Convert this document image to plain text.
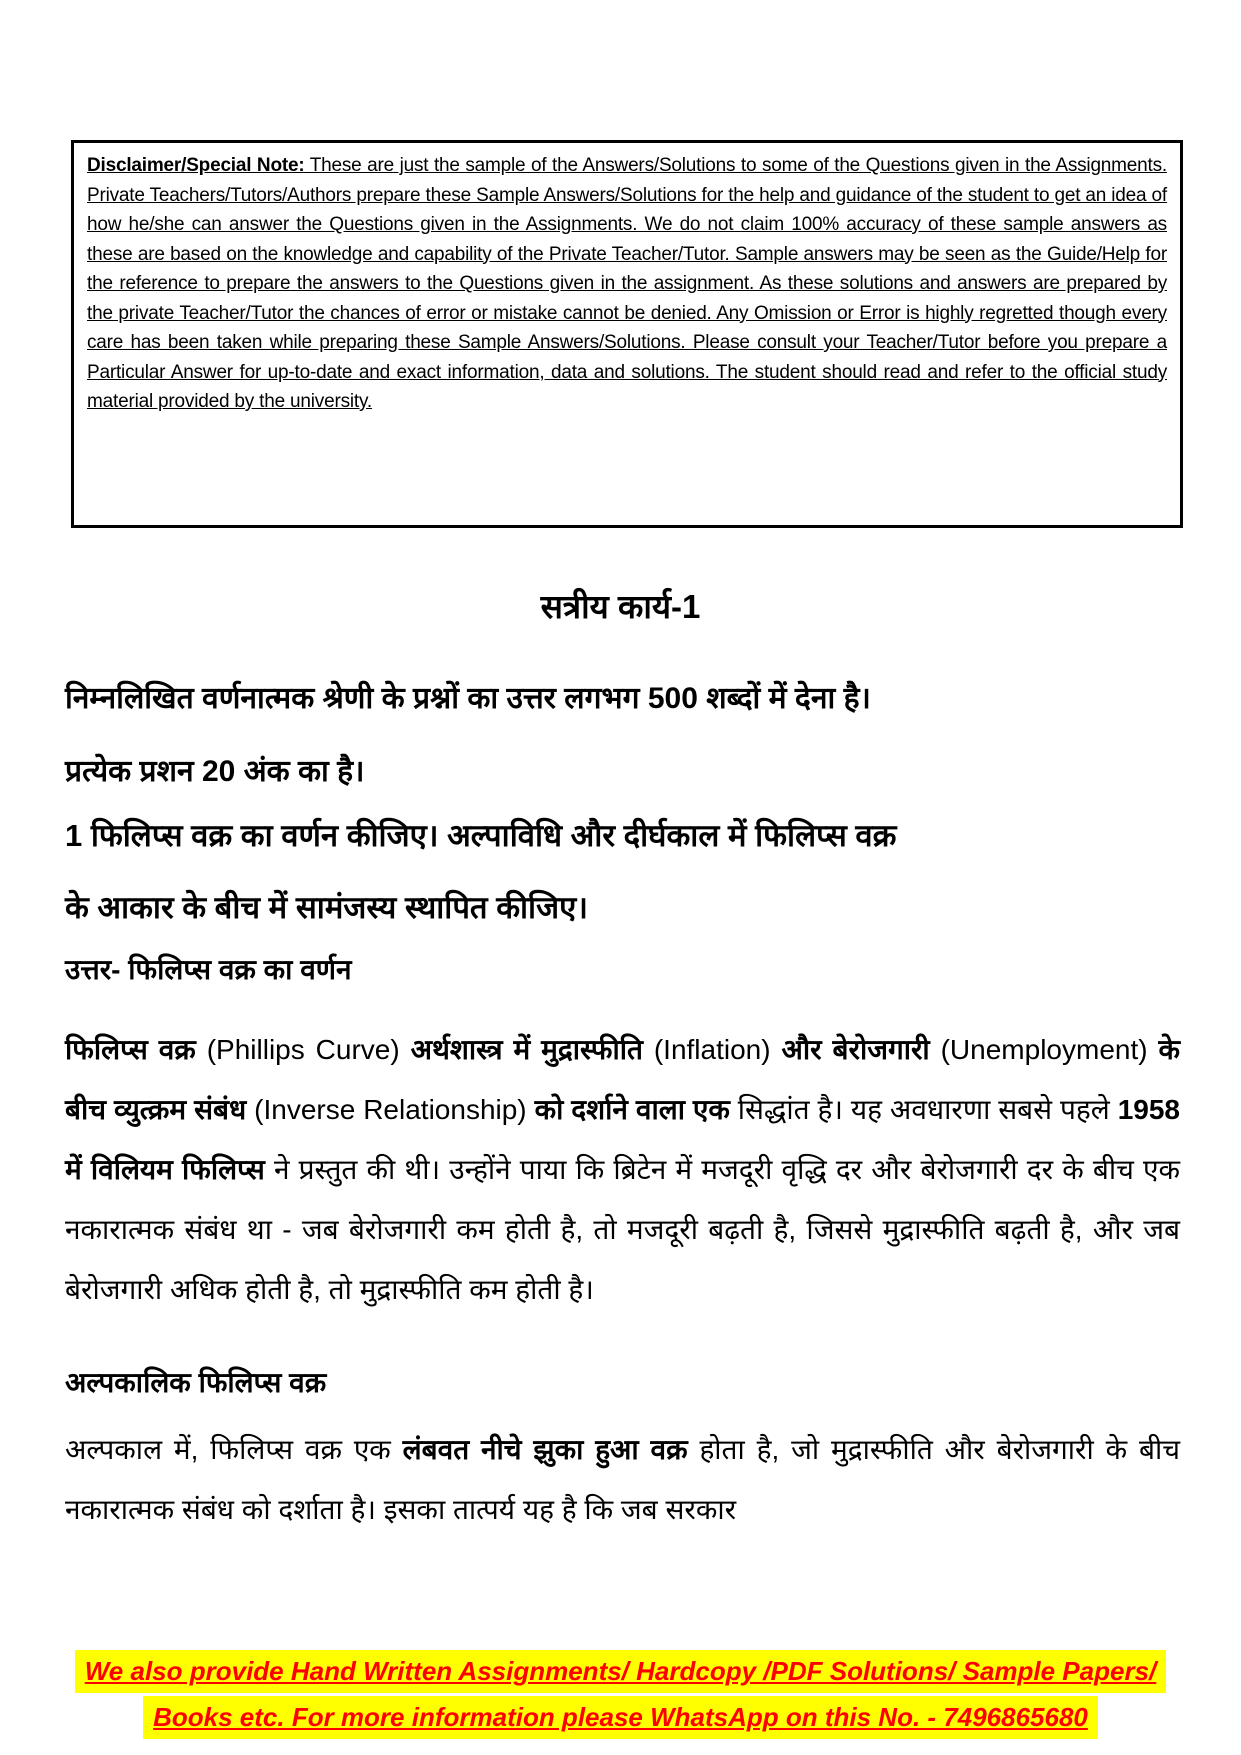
Disclaimer/Special Note: These are just the sample of the Answers/Solutions to some of the Questions given in the Assignments. Private Teachers/Tutors/Authors prepare these Sample Answers/Solutions for the help and guidance of the student to get an idea of how he/she can answer the Questions given in the Assignments. We do not claim 100% accuracy of these sample answers as these are based on the knowledge and capability of the Private Teacher/Tutor. Sample answers may be seen as the Guide/Help for the reference to prepare the answers to the Questions given in the assignment. As these solutions and answers are prepared by the private Teacher/Tutor the chances of error or mistake cannot be denied. Any Omission or Error is highly regretted though every care has been taken while preparing these Sample Answers/Solutions. Please consult your Teacher/Tutor before you prepare a Particular Answer for up-to-date and exact information, data and solutions. The student should read and refer to the official study material provided by the university.

सत्रीय कार्य-1

निम्नलिखित वर्णनात्मक श्रेणी के प्रश्नों का उत्तर लगभग 500 शब्दों में देना है।
प्रत्येक प्रशन 20 अंक का है।

1 फिलिप्स वक्र का वर्णन कीजिए। अल्पाविधि और दीर्घकाल में फिलिप्स वक्र
के आकार के बीच में सामंजस्य स्थापित कीजिए।

उत्तर- फिलिप्स वक्र का वर्णन

फिलिप्स वक्र (Phillips Curve) अर्थशास्त्र में मुद्रास्फीति (Inflation) और बेरोजगारी (Unemployment) के बीच व्युत्क्रम संबंध (Inverse Relationship) को दर्शाने वाला एक सिद्धांत है। यह अवधारणा सबसे पहले 1958 में विलियम फिलिप्स ने प्रस्तुत की थी। उन्होंने पाया कि ब्रिटेन में मजदूरी वृद्धि दर और बेरोजगारी दर के बीच एक नकारात्मक संबंध था - जब बेरोजगारी कम होती है, तो मजदूरी बढ़ती है, जिससे मुद्रास्फीति बढ़ती है, और जब बेरोजगारी अधिक होती है, तो मुद्रास्फीति कम होती है।

अल्पकालिक फिलिप्स वक्र

अल्पकाल में, फिलिप्स वक्र एक लंबवत नीचे झुका हुआ वक्र होता है, जो मुद्रास्फीति और बेरोजगारी के बीच नकारात्मक संबंध को दर्शाता है। इसका तात्पर्य यह है कि जब सरकार

We also provide Hand Written Assignments/ Hardcopy /PDF Solutions/ Sample Papers/
Books etc. For more information please WhatsApp on this No. - 7496865680
